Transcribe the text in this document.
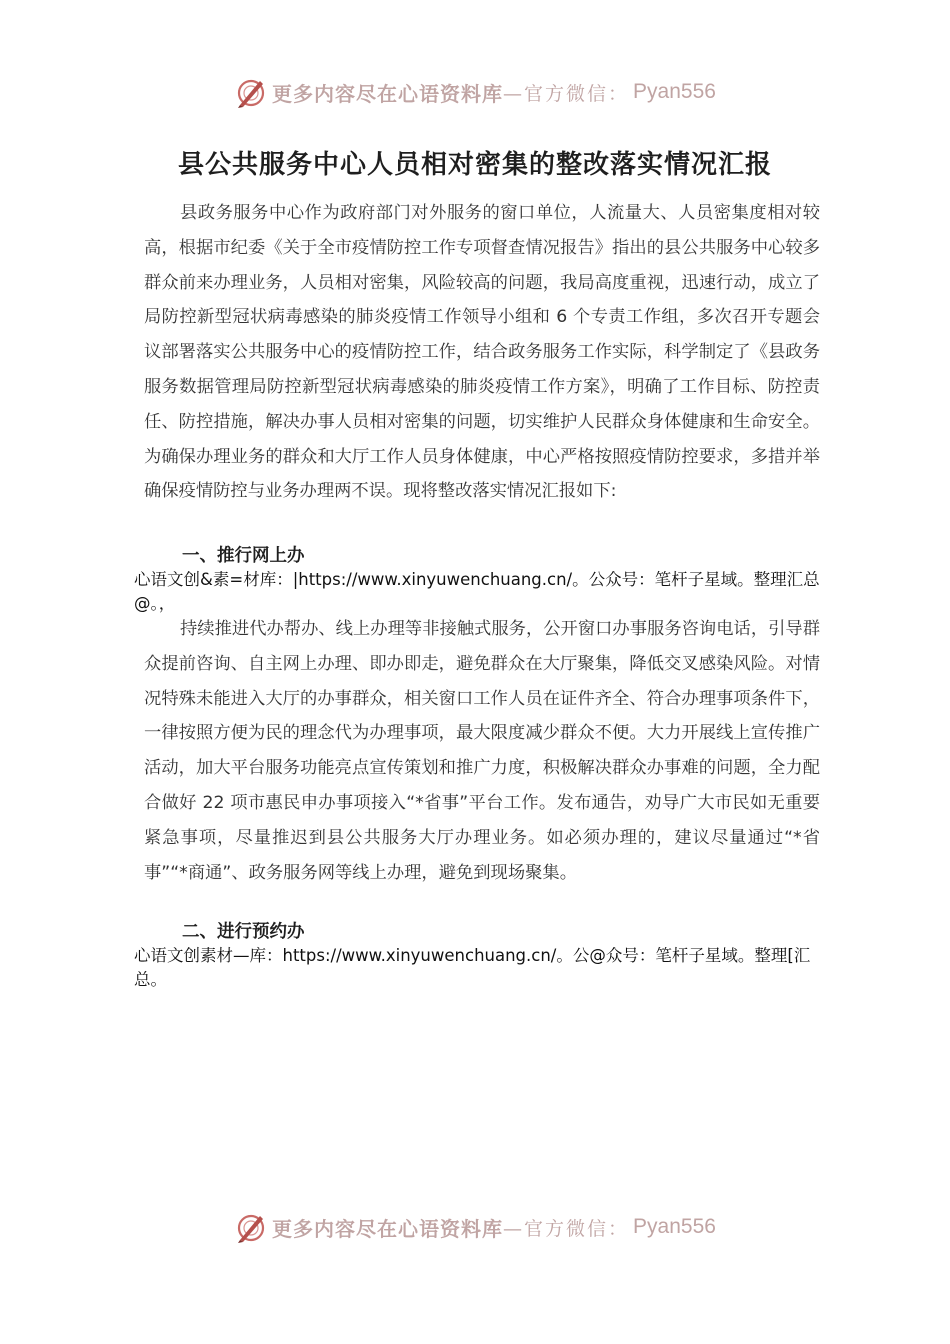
更多内容尽在心语资料库 —官方微信： Pyan556
县公共服务中心人员相对密集的整改落实情况汇报

县政务服务中心作为政府部门对外服务的窗口单位，人流量大、人员密集度相对较高，根据市纪委《关于全市疫情防控工作专项督查情况报告》指出的县公共服务中心较多群众前来办理业务，人员相对密集，风险较高的问题，我局高度重视，迅速行动，成立了局防控新型冠状病毒感染的肺炎疫情工作领导小组和 6 个专责工作组，多次召开专题会议部署落实公共服务中心的疫情防控工作，结合政务服务工作实际，科学制定了《县政务服务数据管理局防控新型冠状病毒感染的肺炎疫情工作方案》，明确了工作目标、防控责任、防控措施，解决办事人员相对密集的问题，切实维护人民群众身体健康和生命安全。为确保办理业务的群众和大厅工作人员身体健康，中心严格按照疫情防控要求，多措并举确保疫情防控与业务办理两不误。现将整改落实情况汇报如下:

一、推行网上办

心语文创&素=材库：|https://www.xinyuwenchuang.cn/。公众号：笔杆子星域。整理汇总@。，

持续推进代办帮办、线上办理等非接触式服务，公开窗口办事服务咨询电话，引导群众提前咨询、自主网上办理、即办即走，避免群众在大厅聚集，降低交叉感染风险。对情况特殊未能进入大厅的办事群众，相关窗口工作人员在证件齐全、符合办理事项条件下，一律按照方便为民的理念代为办理事项，最大限度减少群众不便。大力开展线上宣传推广活动，加大平台服务功能亮点宣传策划和推广力度，积极解决群众办事难的问题，全力配合做好 22 项市惠民申办事项接入“*省事”平台工作。发布通告，劝导广大市民如无重要紧急事项，尽量推迟到县公共服务大厅办理业务。如必须办理的，建议尽量通过“*省事”“*商通”、政务服务网等线上办理，避免到现场聚集。

二、进行预约办

心语文创素材—库：https://www.xinyuwenchuang.cn/。公@众号：笔杆子星域。整理[汇总。

更多内容尽在心语资料库 —官方微信： Pyan556
